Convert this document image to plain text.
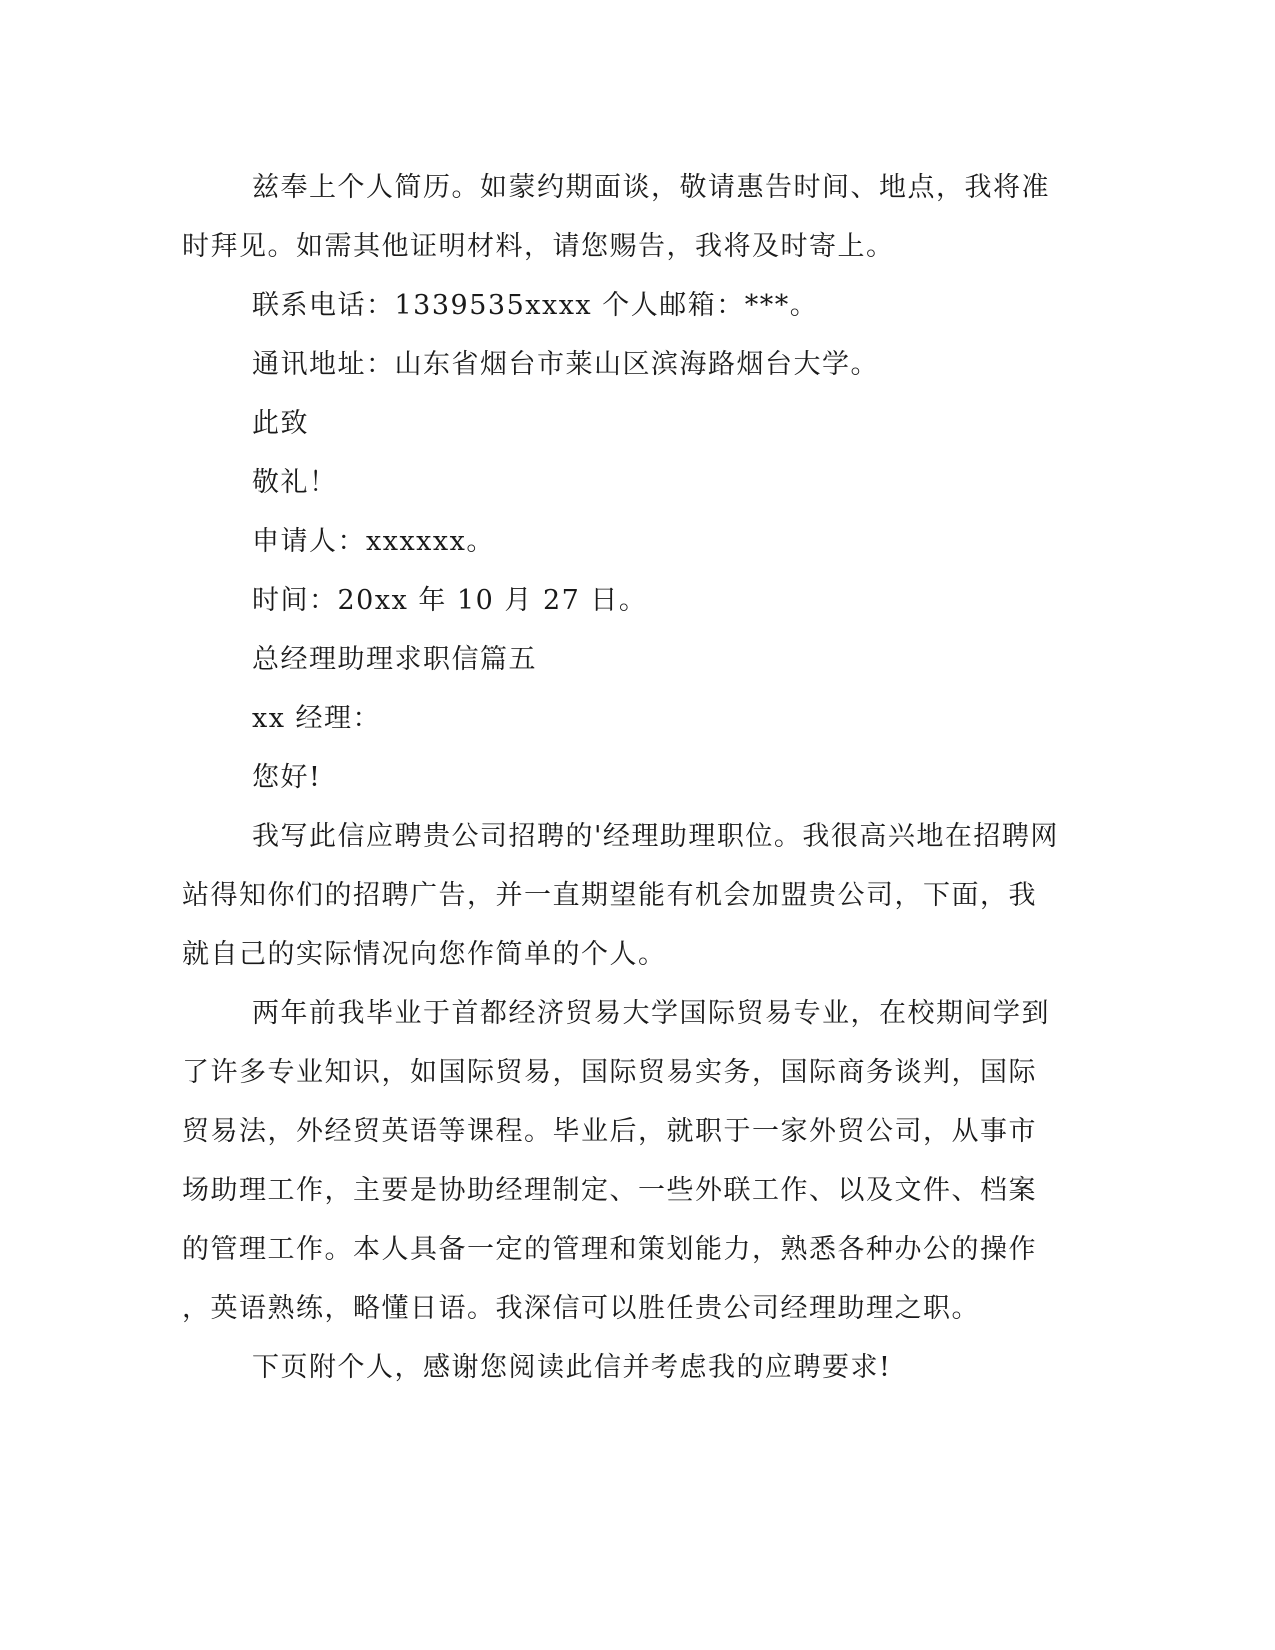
兹奉上个人简历。如蒙约期面谈，敬请惠告时间、地点，我将准

时拜见。如需其他证明材料，请您赐告，我将及时寄上。

联系电话：1339535xxxx 个人邮箱：***。

通讯地址：山东省烟台市莱山区滨海路烟台大学。

此致

敬礼！

申请人：xxxxxx。

时间：20xx 年 10 月 27 日。

总经理助理求职信篇五

xx 经理：

您好!

我写此信应聘贵公司招聘的'经理助理职位。我很高兴地在招聘网

站得知你们的招聘广告，并一直期望能有机会加盟贵公司，下面，我

就自己的实际情况向您作简单的个人。

两年前我毕业于首都经济贸易大学国际贸易专业，在校期间学到

了许多专业知识，如国际贸易，国际贸易实务，国际商务谈判，国际

贸易法，外经贸英语等课程。毕业后，就职于一家外贸公司，从事市

场助理工作，主要是协助经理制定、一些外联工作、以及文件、档案

的管理工作。本人具备一定的管理和策划能力，熟悉各种办公的操作

，英语熟练，略懂日语。我深信可以胜任贵公司经理助理之职。

下页附个人，感谢您阅读此信并考虑我的应聘要求!
